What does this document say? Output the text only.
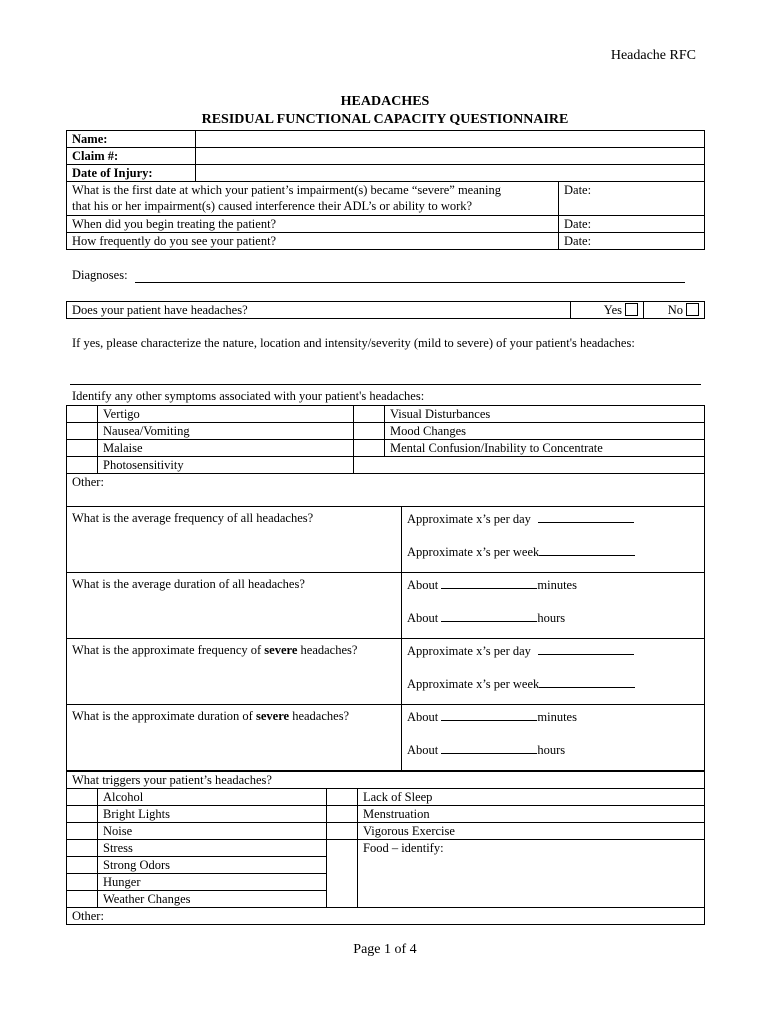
Headache RFC
HEADACHES
RESIDUAL FUNCTIONAL CAPACITY QUESTIONNAIRE
Name:		
Claim #:		
Date of Injury:		

What is the first date at which your patient’s impairment(s) became “severe” meaning
that his or her impairment(s) caused interference their ADL’s or ability to work?		Date:
When did you begin treating the patient?		Date:
How frequently do you see your patient?		Date:
Diagnoses:
Does your patient have headaches?	Yes	No
If yes, please characterize the nature, location and intensity/severity (mild to severe) of your patient's headaches:
Identify any other symptoms associated with your patient's headaches:
	Vertigo		Visual Disturbances
	Nausea/Vomiting		Mood Changes
	Malaise		Mental Confusion/Inability to Concentrate
	Photosensitivity		
Other:			
What is the average frequency of all headaches?	Approximate x’s per day
Approximate x’s per week

What is the average duration of all headaches?	About minutes
About hours

What is the approximate frequency of severe headaches?	Approximate x’s per day
Approximate x’s per week

What is the approximate duration of severe headaches?	About minutes
About hours
What triggers your patient’s headaches?			
	Alcohol		Lack of Sleep
	Bright Lights		Menstruation
	Noise		Vigorous Exercise
	Stress		Food – identify:
	Strong Odors		
	Hunger		
	Weather Changes		
Other:			
Page 1 of 4
